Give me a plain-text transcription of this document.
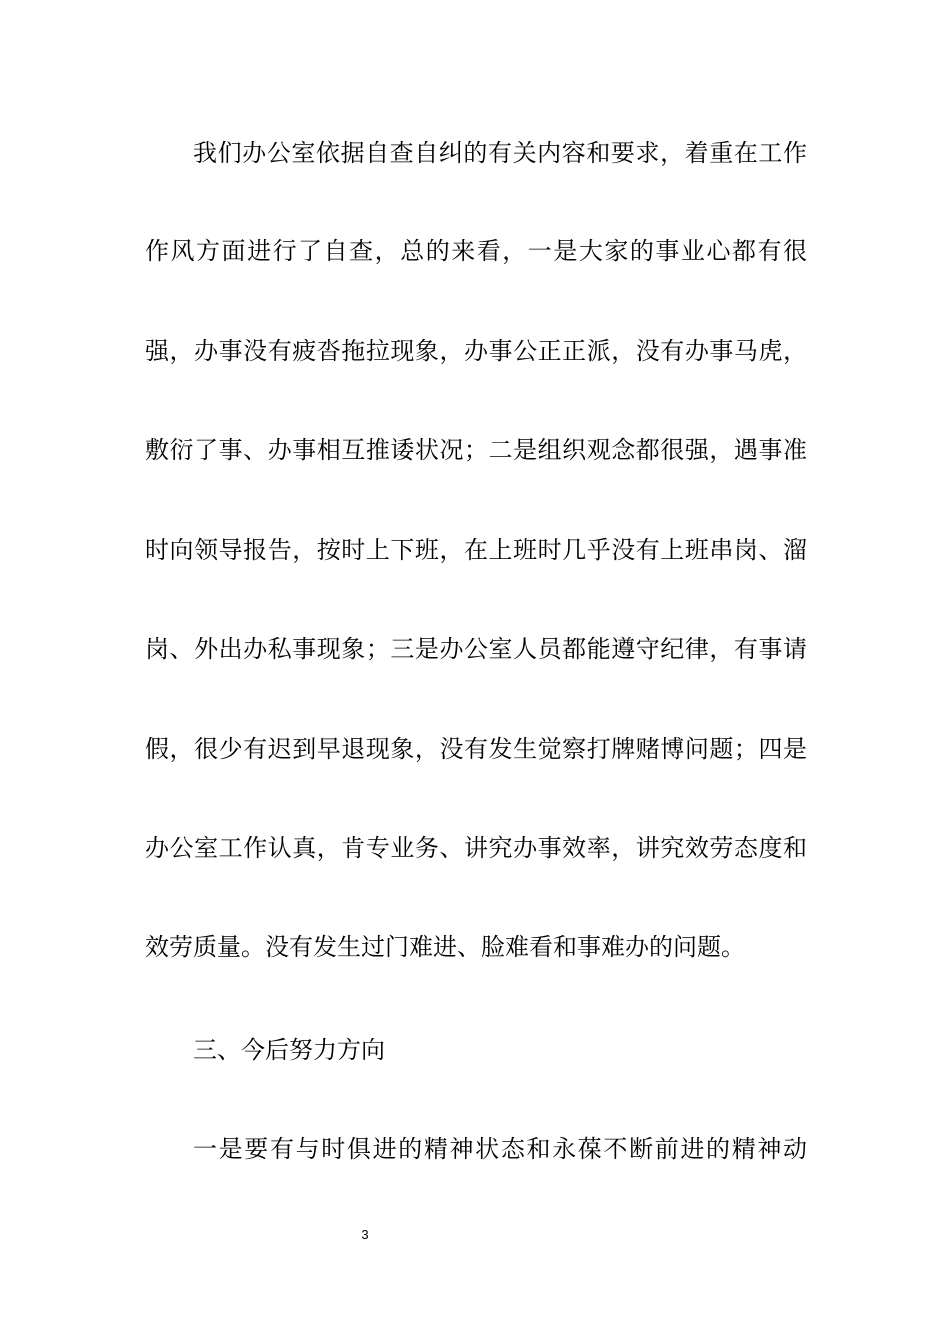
我们办公室依据自查自纠的有关内容和要求，着重在工作
作风方面进行了自查，总的来看，一是大家的事业心都有很
强，办事没有疲沓拖拉现象，办事公正正派，没有办事马虎，
敷衍了事、办事相互推诿状况；二是组织观念都很强，遇事准
时向领导报告，按时上下班，在上班时几乎没有上班串岗、溜
岗、外出办私事现象；三是办公室人员都能遵守纪律，有事请
假，很少有迟到早退现象，没有发生觉察打牌赌博问题；四是
办公室工作认真，肯专业务、讲究办事效率，讲究效劳态度和
效劳质量。没有发生过门难进、脸难看和事难办的问题。
三、今后努力方向
一是要有与时俱进的精神状态和永葆不断前进的精神动
3
